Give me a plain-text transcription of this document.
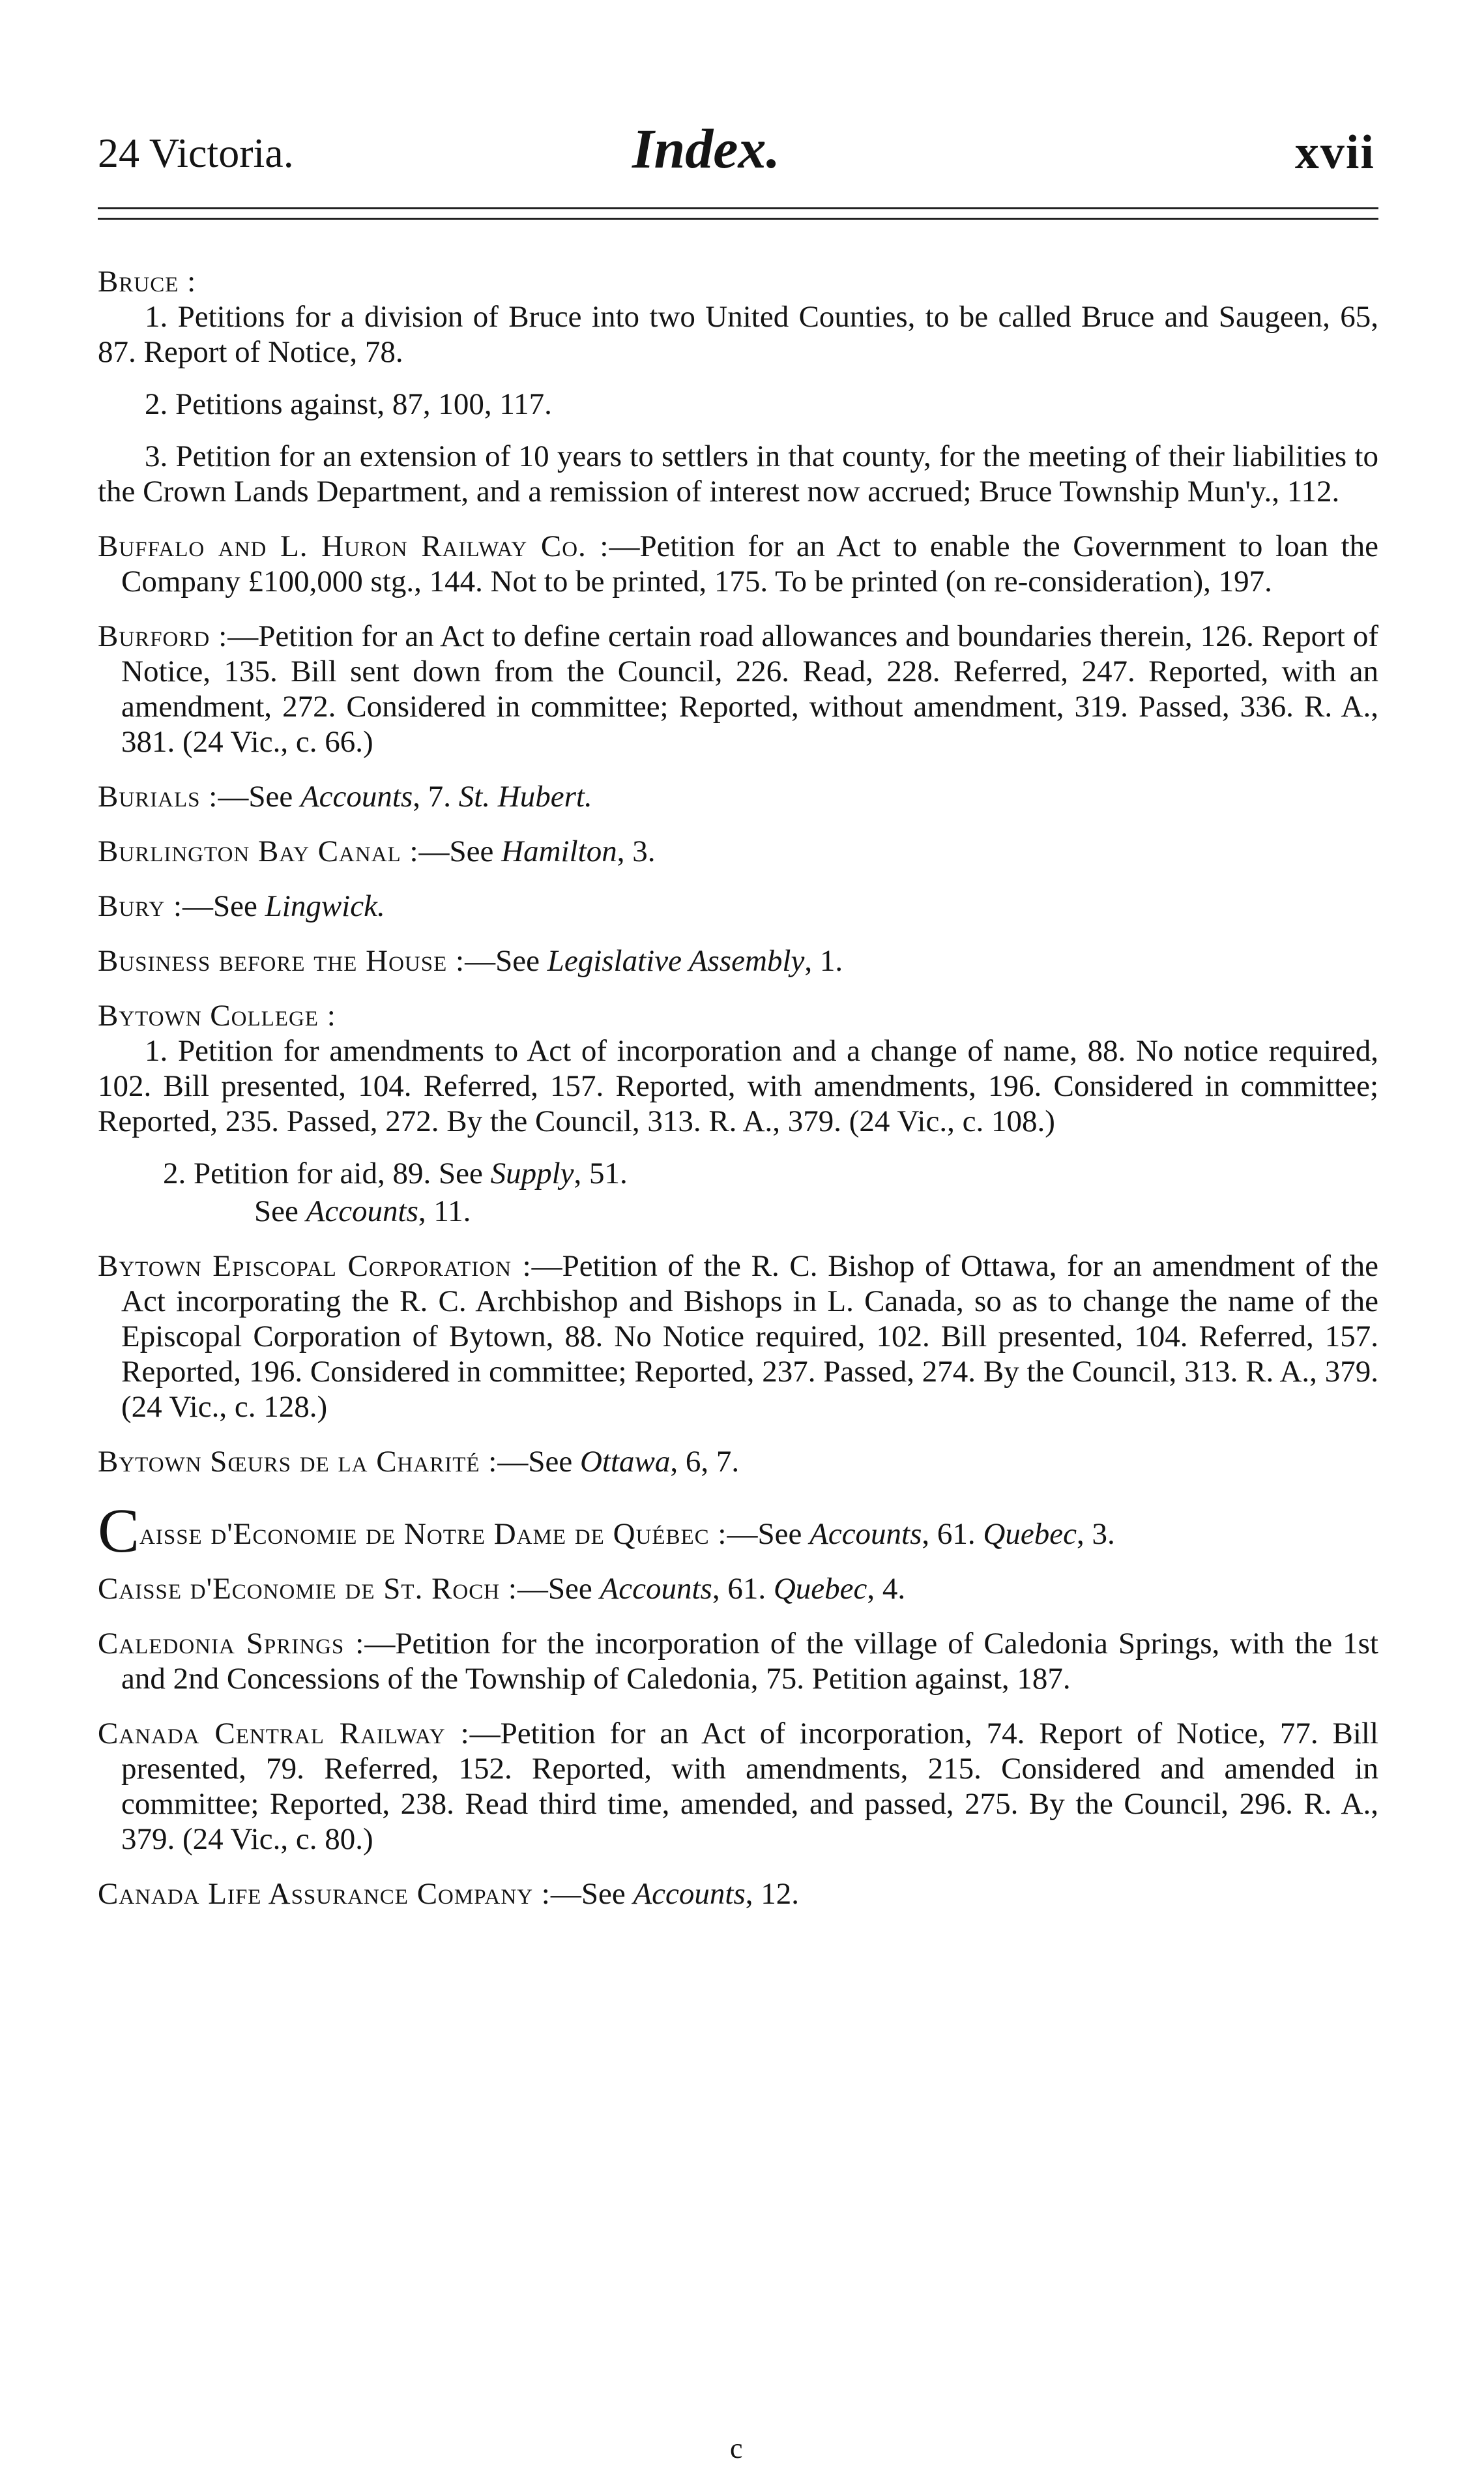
24 Victoria.	Index.	xvii
Bruce :

1. Petitions for a division of Bruce into two United Counties, to be called Bruce and Saugeen, 65, 87. Report of Notice, 78.

2. Petitions against, 87, 100, 117.

3. Petition for an extension of 10 years to settlers in that county, for the meeting of their liabilities to the Crown Lands Department, and a remission of interest now accrued; Bruce Township Mun'y., 112.

Buffalo and L. Huron Railway Co. :—Petition for an Act to enable the Government to loan the Company £100,000 stg., 144. Not to be printed, 175. To be printed (on re-consideration), 197.

Burford :—Petition for an Act to define certain road allowances and boundaries therein, 126. Report of Notice, 135. Bill sent down from the Council, 226. Read, 228. Referred, 247. Reported, with an amendment, 272. Considered in committee; Reported, without amendment, 319. Passed, 336. R. A., 381. (24 Vic., c. 66.)

Burials :—See Accounts, 7. St. Hubert.

Burlington Bay Canal :—See Hamilton, 3.

Bury :—See Lingwick.

Business before the House :—See Legislative Assembly, 1.

Bytown College :

1. Petition for amendments to Act of incorporation and a change of name, 88. No notice required, 102. Bill presented, 104. Referred, 157. Reported, with amendments, 196. Considered in committee; Reported, 235. Passed, 272. By the Council, 313. R. A., 379. (24 Vic., c. 108.)

2. Petition for aid, 89. See Supply, 51.

See Accounts, 11.

Bytown Episcopal Corporation :—Petition of the R. C. Bishop of Ottawa, for an amendment of the Act incorporating the R. C. Archbishop and Bishops in L. Canada, so as to change the name of the Episcopal Corporation of Bytown, 88. No Notice required, 102. Bill presented, 104. Referred, 157. Reported, 196. Considered in committee; Reported, 237. Passed, 274. By the Council, 313. R. A., 379. (24 Vic., c. 128.)

Bytown Sœurs de la Charité :—See Ottawa, 6, 7.

Caisse d'Economie de Notre Dame de Québec :—See Accounts, 61. Quebec, 3.

Caisse d'Economie de St. Roch :—See Accounts, 61. Quebec, 4.

Caledonia Springs :—Petition for the incorporation of the village of Caledonia Springs, with the 1st and 2nd Concessions of the Township of Caledonia, 75. Petition against, 187.

Canada Central Railway :—Petition for an Act of incorporation, 74. Report of Notice, 77. Bill presented, 79. Referred, 152. Reported, with amendments, 215. Considered and amended in committee; Reported, 238. Read third time, amended, and passed, 275. By the Council, 296. R. A., 379. (24 Vic., c. 80.)

Canada Life Assurance Company :—See Accounts, 12.

c
